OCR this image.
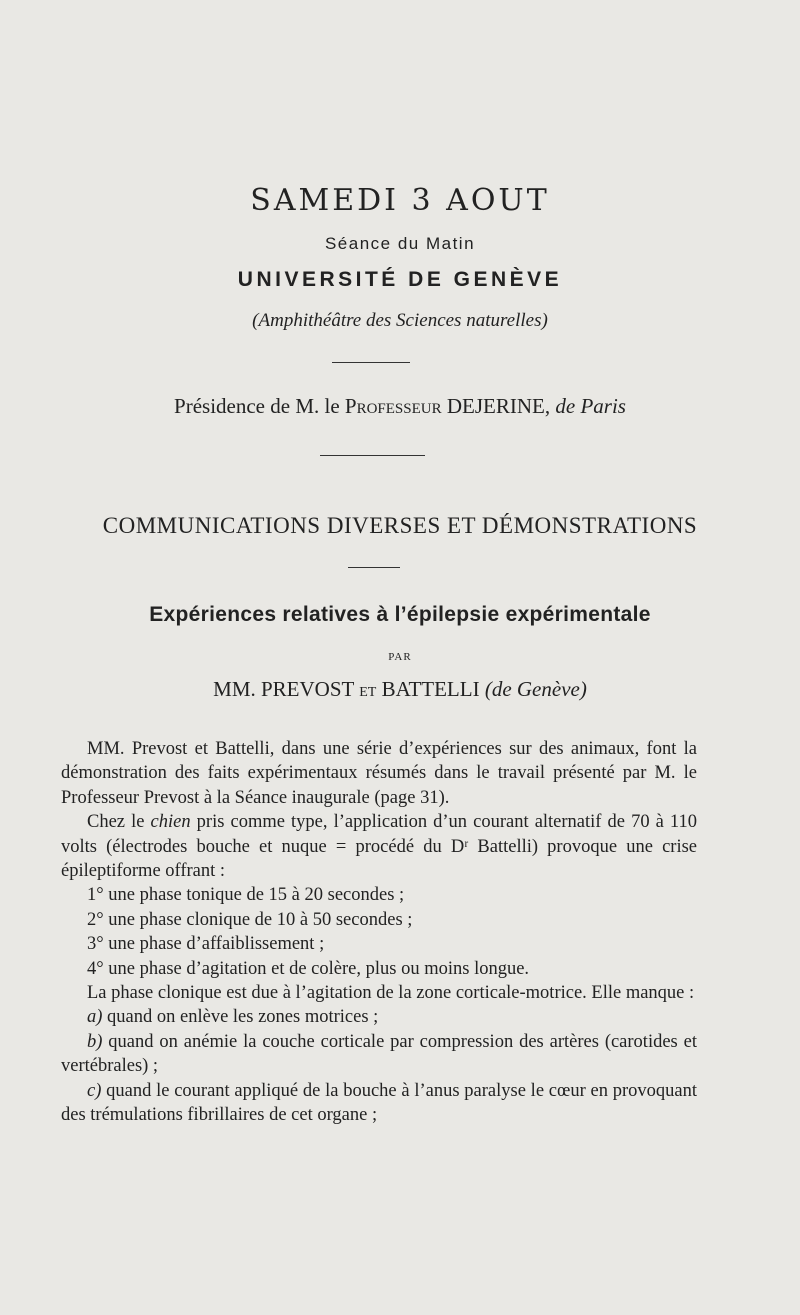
SAMEDI 3 AOUT
Séance du Matin
UNIVERSITÉ DE GENÈVE
(Amphithéâtre des Sciences naturelles)
Présidence de M. le Professeur DEJERINE, de Paris
COMMUNICATIONS DIVERSES ET DÉMONSTRATIONS
Expériences relatives à l’épilepsie expérimentale
PAR
MM. PREVOST ET BATTELLI (de Genève)

MM. Prevost et Battelli, dans une série d’expériences sur des animaux, font la démonstration des faits expérimentaux résumés dans le travail présenté par M. le Professeur Prevost à la Séance inaugurale (page 31).

Chez le chien pris comme type, l’application d’un courant alternatif de 70 à 110 volts (électrodes bouche et nuque = procédé du Dʳ Battelli) provoque une crise épileptiforme offrant :

1° une phase tonique de 15 à 20 secondes ;

2° une phase clonique de 10 à 50 secondes ;

3° une phase d’affaiblissement ;

4° une phase d’agitation et de colère, plus ou moins longue.

La phase clonique est due à l’agitation de la zone corticale-motrice. Elle manque :

a) quand on enlève les zones motrices ;

b) quand on anémie la couche corticale par compression des artères (carotides et vertébrales) ;

c) quand le courant appliqué de la bouche à l’anus paralyse le cœur en provoquant des trémulations fibrillaires de cet organe ;
